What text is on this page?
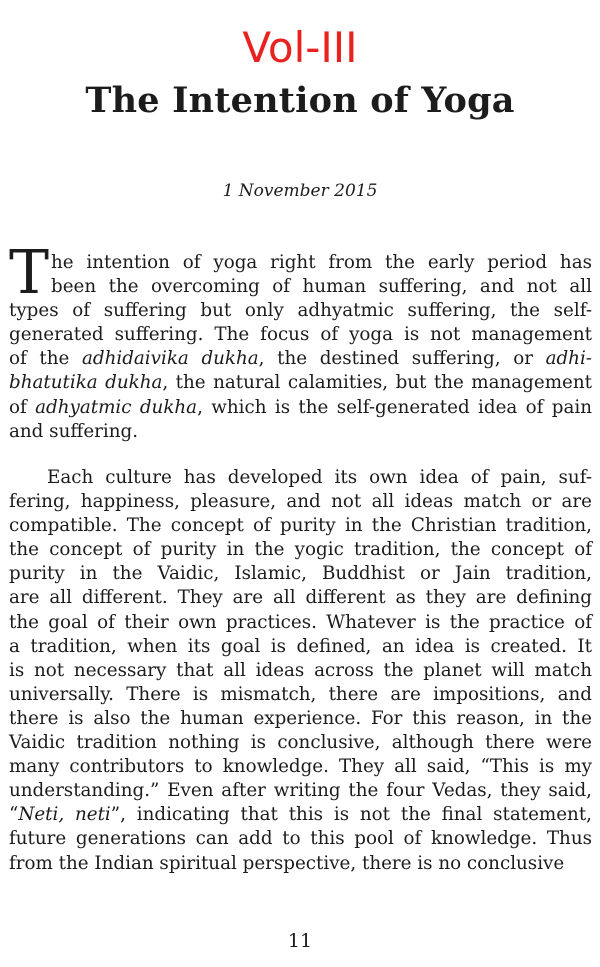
Vol-III
The Intention of Yoga
1 November 2015
T he intention of yoga right from the early period has
been the overcoming of human suffering, and not all
types of suffering but only adhyatmic suffering, the self-
generated suffering. The focus of yoga is not management
of the adhidaivika dukha, the destined suffering, or adhi-
bhatutika dukha, the natural calamities, but the management
of adhyatmic dukha, which is the self-generated idea of pain
and suffering.
Each culture has developed its own idea of pain, suf-
fering, happiness, pleasure, and not all ideas match or are
compatible. The concept of purity in the Christian tradition,
the concept of purity in the yogic tradition, the concept of
purity in the Vaidic, Islamic, Buddhist or Jain tradition,
are all different. They are all different as they are defining
the goal of their own practices. Whatever is the practice of
a tradition, when its goal is defined, an idea is created. It
is not necessary that all ideas across the planet will match
universally. There is mismatch, there are impositions, and
there is also the human experience. For this reason, in the
Vaidic tradition nothing is conclusive, although there were
many contributors to knowledge. They all said, “This is my
understanding.” Even after writing the four Vedas, they said,
“Neti, neti”, indicating that this is not the final statement,
future generations can add to this pool of knowledge. Thus
from the Indian spiritual perspective, there is no conclusive
11
